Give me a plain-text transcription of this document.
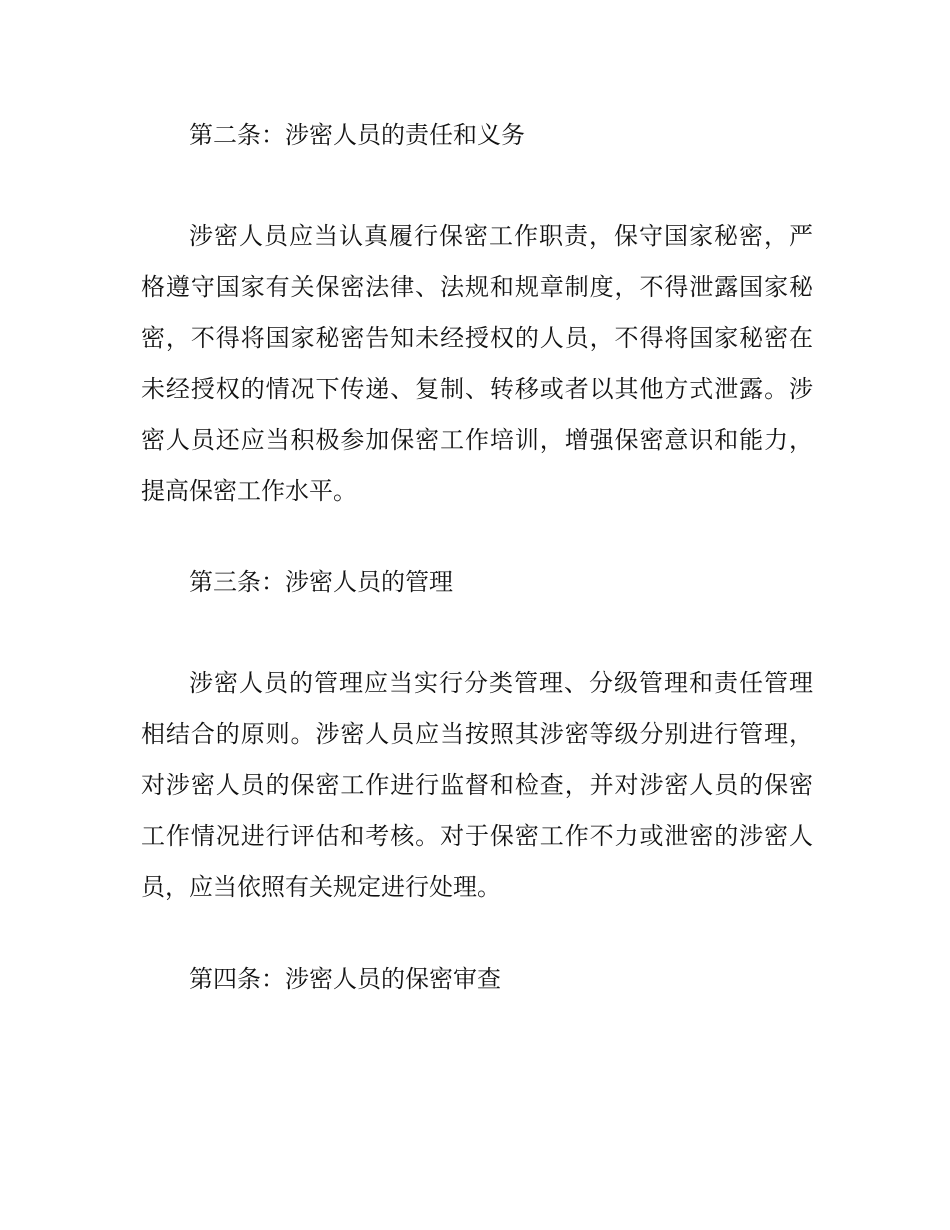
第二条：涉密人员的责任和义务
涉密人员应当认真履行保密工作职责，保守国家秘密，严
格遵守国家有关保密法律、法规和规章制度，不得泄露国家秘
密，不得将国家秘密告知未经授权的人员，不得将国家秘密在
未经授权的情况下传递、复制、转移或者以其他方式泄露。涉
密人员还应当积极参加保密工作培训，增强保密意识和能力，
提高保密工作水平。
第三条：涉密人员的管理
涉密人员的管理应当实行分类管理、分级管理和责任管理
相结合的原则。涉密人员应当按照其涉密等级分别进行管理，
对涉密人员的保密工作进行监督和检查，并对涉密人员的保密
工作情况进行评估和考核。对于保密工作不力或泄密的涉密人
员，应当依照有关规定进行处理。
第四条：涉密人员的保密审查
